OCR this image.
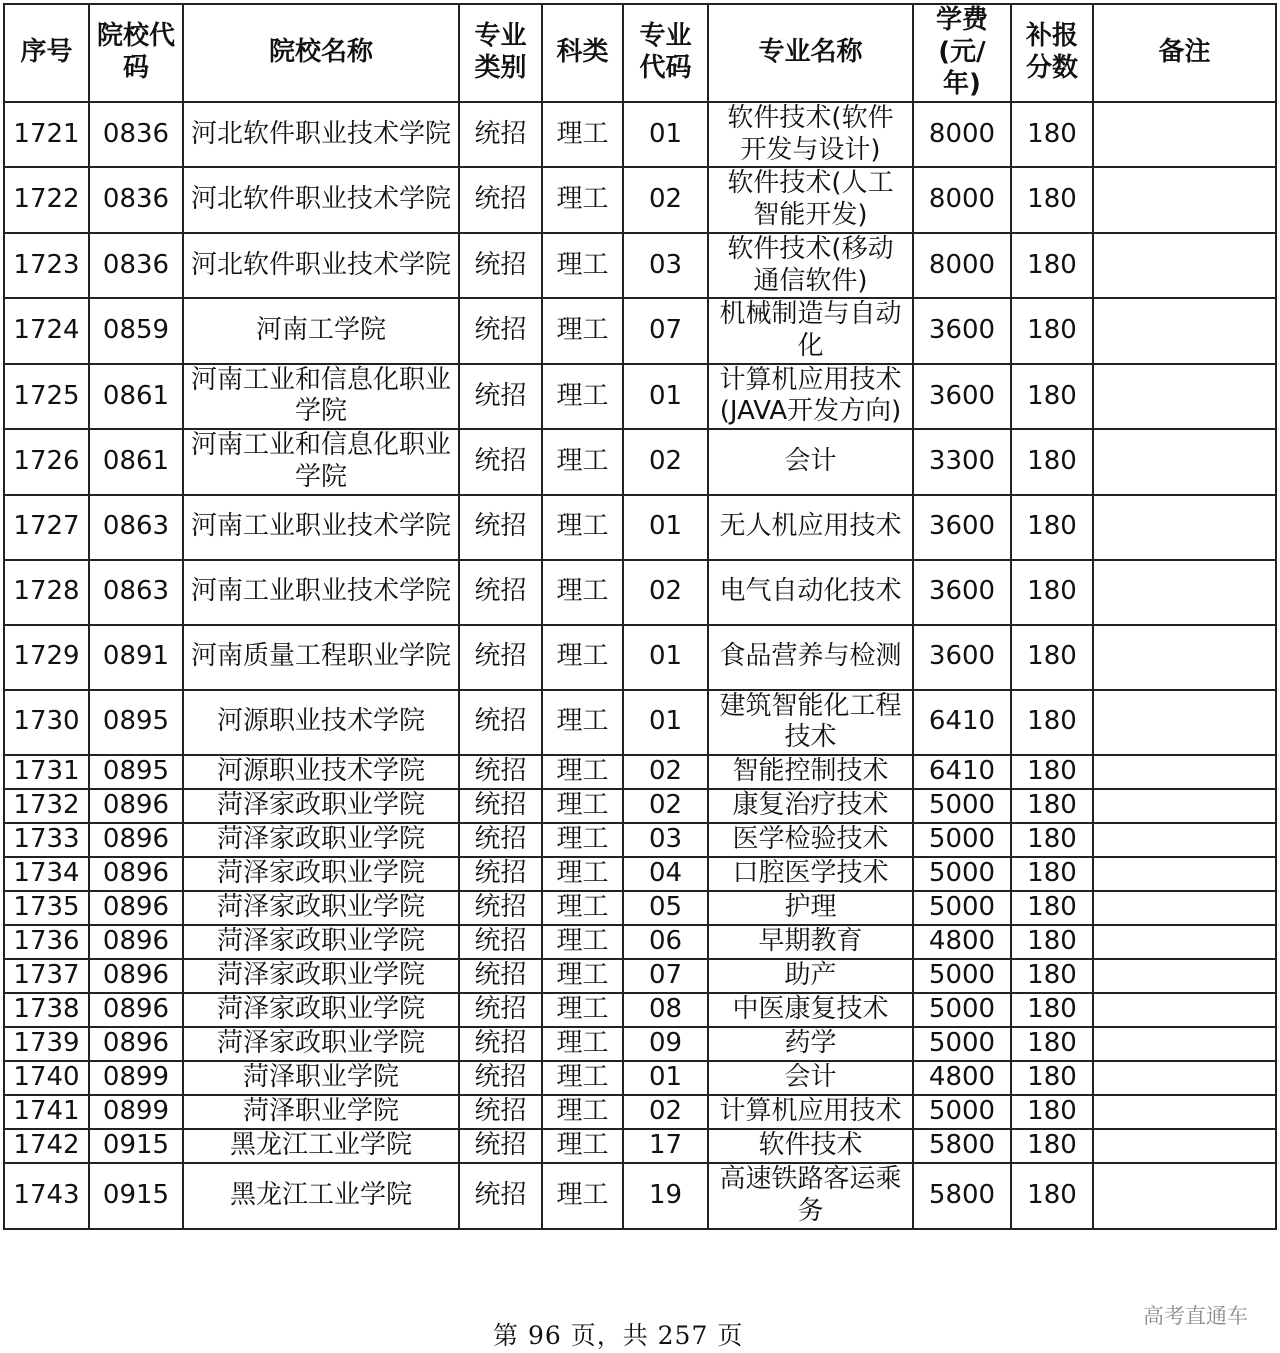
序号	院校代码	院校名称	专业类别	科类	专业代码	专业名称	学费(元/年)	补报分数	备注
1721	0836	河北软件职业技术学院	统招	理工	01	软件技术(软件开发与设计)	8000	180	
1722	0836	河北软件职业技术学院	统招	理工	02	软件技术(人工智能开发)	8000	180	
1723	0836	河北软件职业技术学院	统招	理工	03	软件技术(移动通信软件)	8000	180	
1724	0859	河南工学院	统招	理工	07	机械制造与自动化	3600	180	
1725	0861	河南工业和信息化职业学院	统招	理工	01	计算机应用技术(JAVA开发方向)	3600	180	
1726	0861	河南工业和信息化职业学院	统招	理工	02	会计	3300	180	
1727	0863	河南工业职业技术学院	统招	理工	01	无人机应用技术	3600	180	
1728	0863	河南工业职业技术学院	统招	理工	02	电气自动化技术	3600	180	
1729	0891	河南质量工程职业学院	统招	理工	01	食品营养与检测	3600	180	
1730	0895	河源职业技术学院	统招	理工	01	建筑智能化工程技术	6410	180	
1731	0895	河源职业技术学院	统招	理工	02	智能控制技术	6410	180	
1732	0896	菏泽家政职业学院	统招	理工	02	康复治疗技术	5000	180	
1733	0896	菏泽家政职业学院	统招	理工	03	医学检验技术	5000	180	
1734	0896	菏泽家政职业学院	统招	理工	04	口腔医学技术	5000	180	
1735	0896	菏泽家政职业学院	统招	理工	05	护理	5000	180	
1736	0896	菏泽家政职业学院	统招	理工	06	早期教育	4800	180	
1737	0896	菏泽家政职业学院	统招	理工	07	助产	5000	180	
1738	0896	菏泽家政职业学院	统招	理工	08	中医康复技术	5000	180	
1739	0896	菏泽家政职业学院	统招	理工	09	药学	5000	180	
1740	0899	菏泽职业学院	统招	理工	01	会计	4800	180	
1741	0899	菏泽职业学院	统招	理工	02	计算机应用技术	5000	180	
1742	0915	黑龙江工业学院	统招	理工	17	软件技术	5800	180	
1743	0915	黑龙江工业学院	统招	理工	19	高速铁路客运乘务	5800	180	
第 96 页，共 257 页
高考直通车
